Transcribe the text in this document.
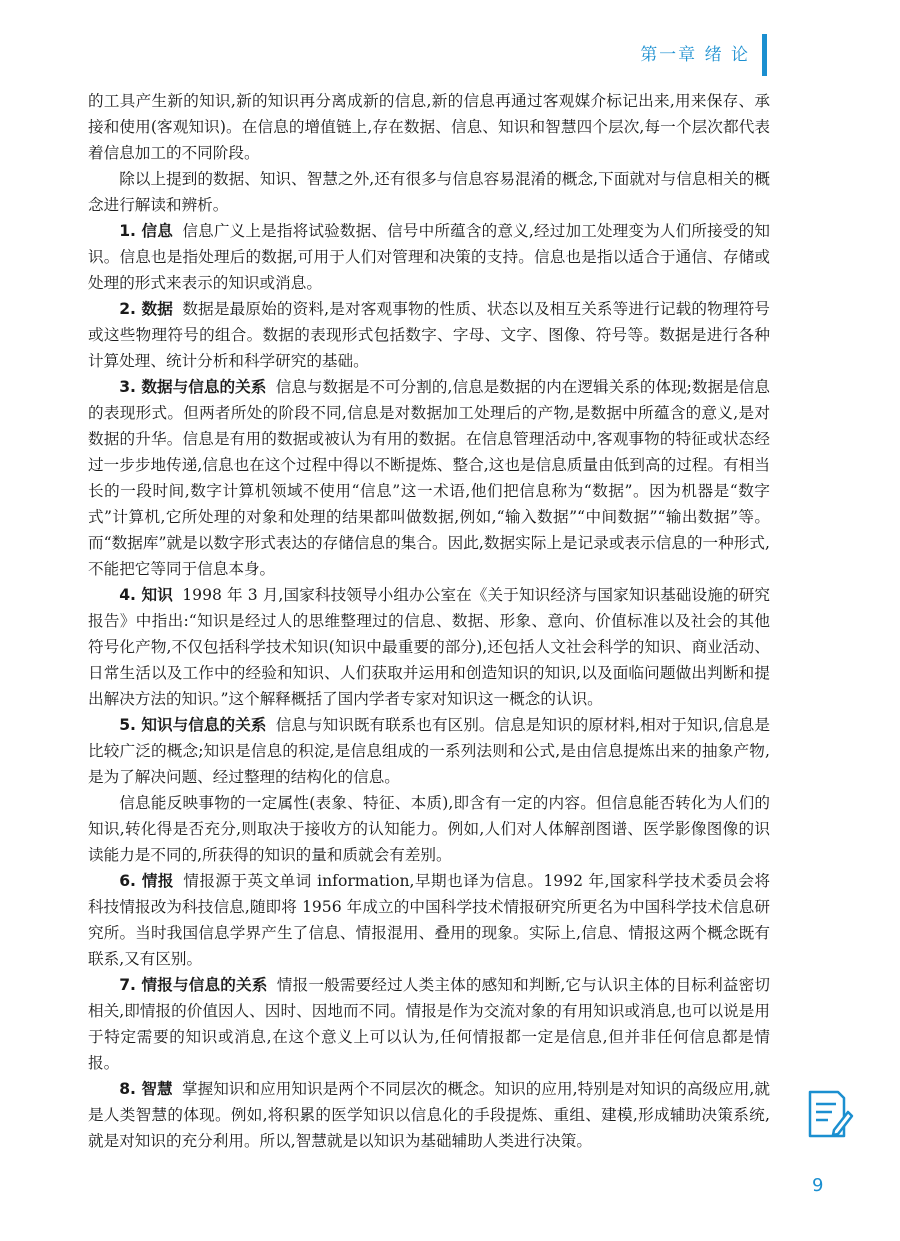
第一章 绪 论

的工具产生新的知识,新的知识再分离成新的信息,新的信息再通过客观媒介标记出来,用来保存、承接和使用(客观知识)。在信息的增值链上,存在数据、信息、知识和智慧四个层次,每一个层次都代表着信息加工的不同阶段。

除以上提到的数据、知识、智慧之外,还有很多与信息容易混淆的概念,下面就对与信息相关的概念进行解读和辨析。

1. 信息 信息广义上是指将试验数据、信号中所蕴含的意义,经过加工处理变为人们所接受的知识。信息也是指处理后的数据,可用于人们对管理和决策的支持。信息也是指以适合于通信、存储或处理的形式来表示的知识或消息。

2. 数据 数据是最原始的资料,是对客观事物的性质、状态以及相互关系等进行记载的物理符号或这些物理符号的组合。数据的表现形式包括数字、字母、文字、图像、符号等。数据是进行各种计算处理、统计分析和科学研究的基础。

3. 数据与信息的关系 信息与数据是不可分割的,信息是数据的内在逻辑关系的体现;数据是信息的表现形式。但两者所处的阶段不同,信息是对数据加工处理后的产物,是数据中所蕴含的意义,是对数据的升华。信息是有用的数据或被认为有用的数据。在信息管理活动中,客观事物的特征或状态经过一步步地传递,信息也在这个过程中得以不断提炼、整合,这也是信息质量由低到高的过程。有相当长的一段时间,数字计算机领域不使用“信息”这一术语,他们把信息称为“数据”。因为机器是“数字式”计算机,它所处理的对象和处理的结果都叫做数据,例如,“输入数据”“中间数据”“输出数据”等。而“数据库”就是以数字形式表达的存储信息的集合。因此,数据实际上是记录或表示信息的一种形式,不能把它等同于信息本身。

4. 知识 1998 年 3 月,国家科技领导小组办公室在《关于知识经济与国家知识基础设施的研究报告》中指出:“知识是经过人的思维整理过的信息、数据、形象、意向、价值标准以及社会的其他符号化产物,不仅包括科学技术知识(知识中最重要的部分),还包括人文社会科学的知识、商业活动、日常生活以及工作中的经验和知识、人们获取并运用和创造知识的知识,以及面临问题做出判断和提出解决方法的知识。”这个解释概括了国内学者专家对知识这一概念的认识。

5. 知识与信息的关系 信息与知识既有联系也有区别。信息是知识的原材料,相对于知识,信息是比较广泛的概念;知识是信息的积淀,是信息组成的一系列法则和公式,是由信息提炼出来的抽象产物,是为了解决问题、经过整理的结构化的信息。

信息能反映事物的一定属性(表象、特征、本质),即含有一定的内容。但信息能否转化为人们的知识,转化得是否充分,则取决于接收方的认知能力。例如,人们对人体解剖图谱、医学影像图像的识读能力是不同的,所获得的知识的量和质就会有差别。

6. 情报 情报源于英文单词 information,早期也译为信息。1992 年,国家科学技术委员会将科技情报改为科技信息,随即将 1956 年成立的中国科学技术情报研究所更名为中国科学技术信息研究所。当时我国信息学界产生了信息、情报混用、叠用的现象。实际上,信息、情报这两个概念既有联系,又有区别。

7. 情报与信息的关系 情报一般需要经过人类主体的感知和判断,它与认识主体的目标利益密切相关,即情报的价值因人、因时、因地而不同。情报是作为交流对象的有用知识或消息,也可以说是用于特定需要的知识或消息,在这个意义上可以认为,任何情报都一定是信息,但并非任何信息都是情报。

8. 智慧 掌握知识和应用知识是两个不同层次的概念。知识的应用,特别是对知识的高级应用,就是人类智慧的体现。例如,将积累的医学知识以信息化的手段提炼、重组、建模,形成辅助决策系统,就是对知识的充分利用。所以,智慧就是以知识为基础辅助人类进行决策。

9
